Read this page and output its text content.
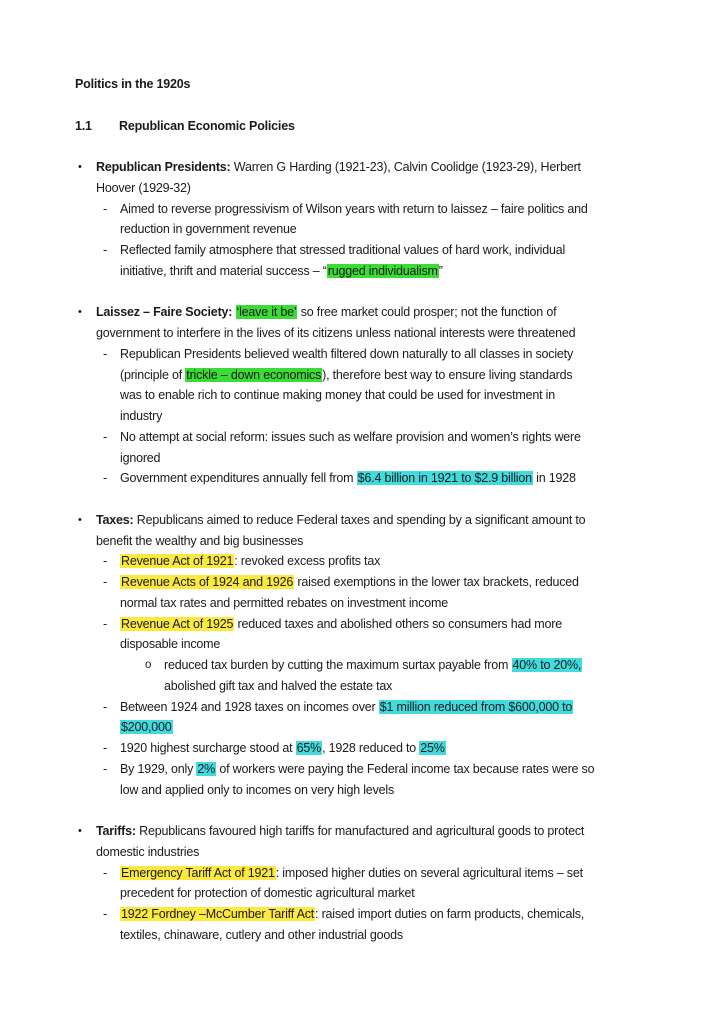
Politics in the 1920s
1.1 Republican Economic Policies
• Republican Presidents: Warren G Harding (1921-23), Calvin Coolidge (1923-29), Herbert
Hoover (1929-32)
- Aimed to reverse progressivism of Wilson years with return to laissez – faire politics and
reduction in government revenue
- Reflected family atmosphere that stressed traditional values of hard work, individual
initiative, thrift and material success – “rugged individualism”
• Laissez – Faire Society: ‘leave it be’ so free market could prosper; not the function of
government to interfere in the lives of its citizens unless national interests were threatened
- Republican Presidents believed wealth filtered down naturally to all classes in society
(principle of trickle – down economics), therefore best way to ensure living standards
was to enable rich to continue making money that could be used for investment in
industry
- No attempt at social reform: issues such as welfare provision and women’s rights were
ignored
- Government expenditures annually fell from $6.4 billion in 1921 to $2.9 billion in 1928
• Taxes: Republicans aimed to reduce Federal taxes and spending by a significant amount to
benefit the wealthy and big businesses
- Revenue Act of 1921: revoked excess profits tax
- Revenue Acts of 1924 and 1926 raised exemptions in the lower tax brackets, reduced
normal tax rates and permitted rebates on investment income
- Revenue Act of 1925 reduced taxes and abolished others so consumers had more
disposable income
o reduced tax burden by cutting the maximum surtax payable from 40% to 20%,
abolished gift tax and halved the estate tax
- Between 1924 and 1928 taxes on incomes over $1 million reduced from $600,000 to
$200,000
- 1920 highest surcharge stood at 65%, 1928 reduced to 25%
- By 1929, only 2% of workers were paying the Federal income tax because rates were so
low and applied only to incomes on very high levels
• Tariffs: Republicans favoured high tariffs for manufactured and agricultural goods to protect
domestic industries
- Emergency Tariff Act of 1921: imposed higher duties on several agricultural items – set
precedent for protection of domestic agricultural market
- 1922 Fordney –McCumber Tariff Act: raised import duties on farm products, chemicals,
textiles, chinaware, cutlery and other industrial goods
